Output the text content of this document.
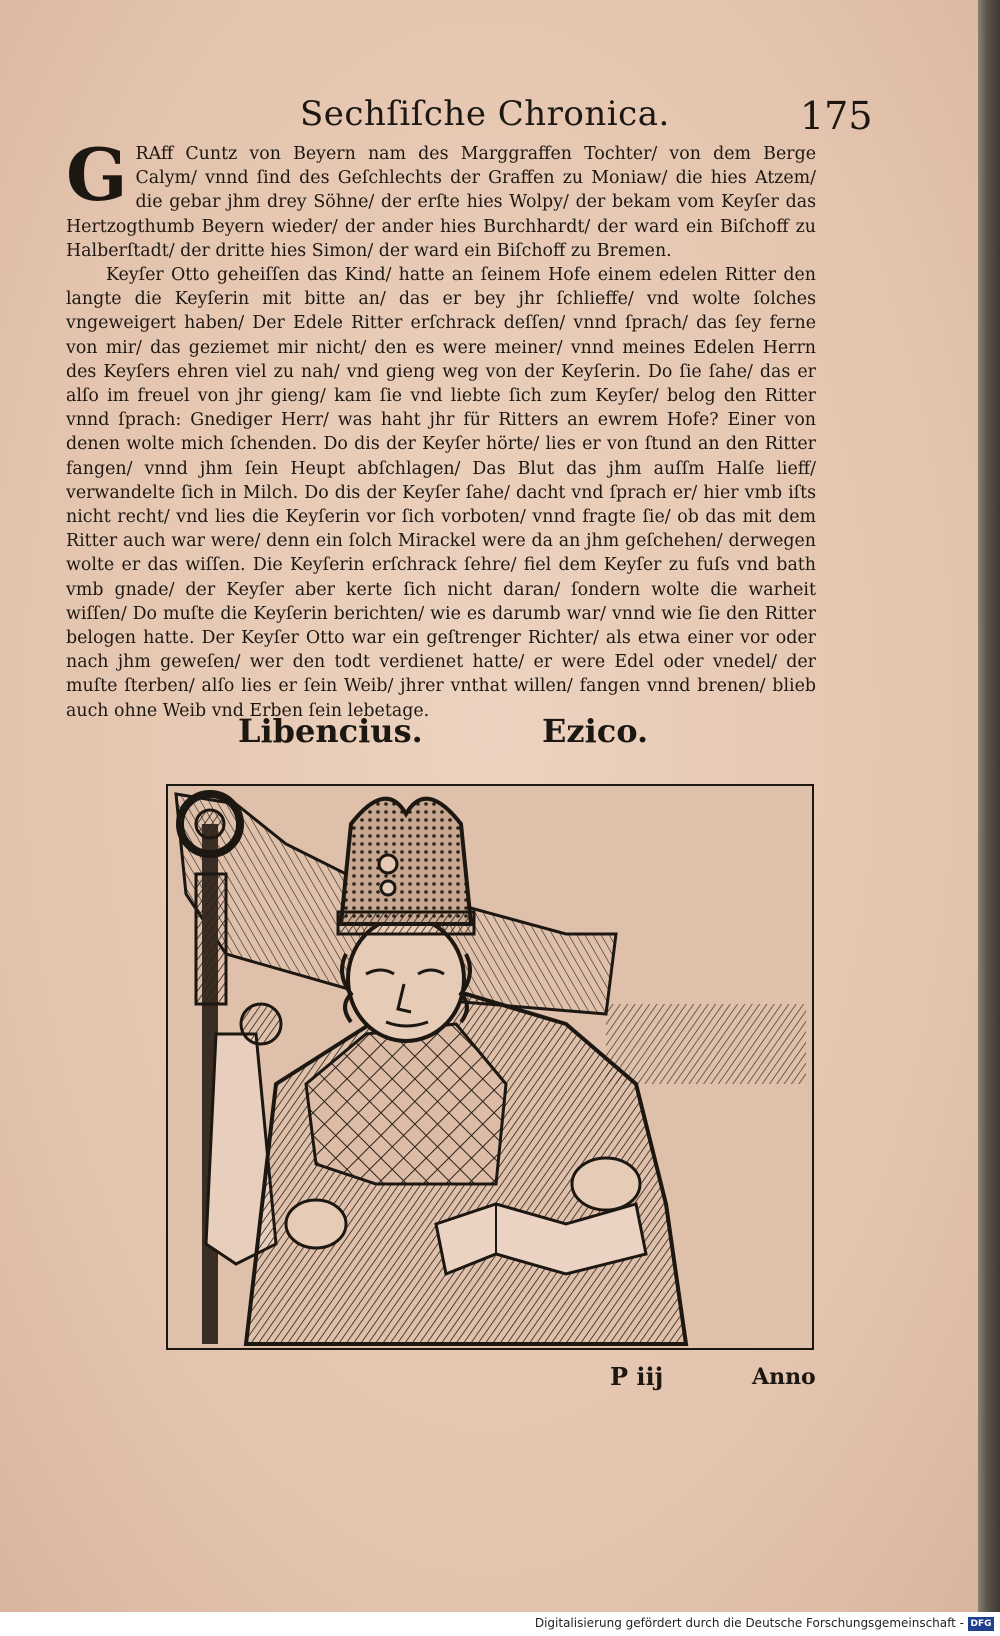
Sechſiſche Chronica.	175

G RAff Cuntz von Beyern nam des Marggraffen Tochter/ von dem Berge Calym/ vnnd ſind des Geſchlechts der Graffen zu Moniaw/ die hies Atzem/ die gebar jhm drey Söhne/ der erſte hies Wolpy/ der bekam vom Keyſer das Hertzogthumb Beyern wieder/ der ander hies Burchhardt/ der ward ein Biſchoff zu Halberſtadt/ der dritte hies Simon/ der ward ein Biſchoff zu Bremen.

Keyſer Otto geheiſſen das Kind/ hatte an ſeinem Hofe einem edelen Ritter den langte die Keyſerin mit bitte an/ das er bey jhr ſchlieffe/ vnd wolte ſolches vngeweigert haben/ Der Edele Ritter erſchrack deſſen/ vnnd ſprach/ das ſey ferne von mir/ das geziemet mir nicht/ den es were meiner/ vnnd meines Edelen Herrn des Keyſers ehren viel zu nah/ vnd gieng weg von der Keyſerin. Do ſie ſahe/ das er alſo im freuel von jhr gieng/ kam ſie vnd liebte ſich zum Keyſer/ belog den Ritter vnnd ſprach: Gnediger Herr/ was haht jhr für Ritters an ewrem Hofe? Einer von denen wolte mich ſchenden. Do dis der Keyſer hörte/ lies er von ſtund an den Ritter fangen/ vnnd jhm ſein Heupt abſchlagen/ Das Blut das jhm auſſm Halſe lieff/ verwandelte ſich in Milch. Do dis der Keyſer ſahe/ dacht vnd ſprach er/ hier vmb iſts nicht recht/ vnd lies die Keyſerin vor ſich vorboten/ vnnd fragte ſie/ ob das mit dem Ritter auch war were/ denn ein ſolch Mirackel were da an jhm geſchehen/ derwegen wolte er das wiſſen. Die Keyſerin erſchrack ſehre/ fiel dem Keyſer zu fuſs vnd bath vmb gnade/ der Keyſer aber kerte ſich nicht daran/ ſondern wolte die warheit wiſſen/ Do muſte die Keyſerin berichten/ wie es darumb war/ vnnd wie ſie den Ritter belogen hatte. Der Keyſer Otto war ein geſtrenger Richter/ als etwa einer vor oder nach jhm geweſen/ wer den todt verdienet hatte/ er were Edel oder vnedel/ der muſte ſterben/ alſo lies er ſein Weib/ jhrer vnthat willen/ fangen vnnd brenen/ blieb auch ohne Weib vnd Erben ſein lebetage.

Libencius.	Ezico.
P iij	Anno
Digitalisierung gefördert durch die Deutsche Forschungsgemeinschaft - DFG
